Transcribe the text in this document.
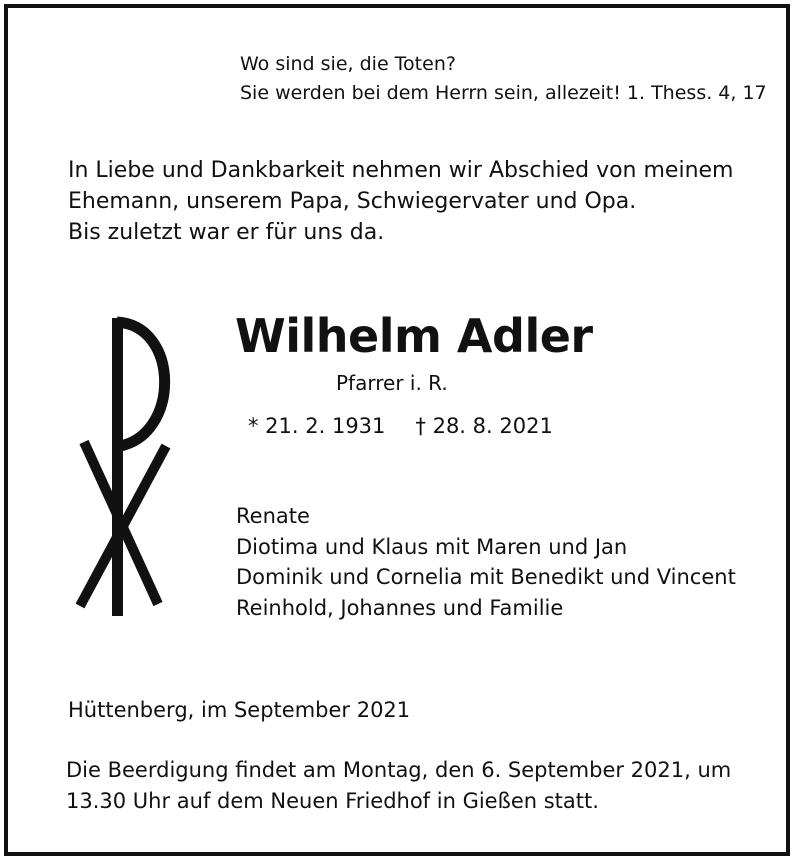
Wo sind sie, die Toten?
Sie werden bei dem Herrn sein, allezeit! 1. Thess. 4, 17
In Liebe und Dankbarkeit nehmen wir Abschied von meinem
Ehemann, unserem Papa, Schwiegervater und Opa.
Bis zuletzt war er für uns da.
Wilhelm Adler
Pfarrer i. R.
* 21. 2. 1931 † 28. 8. 2021
Renate
Diotima und Klaus mit Maren und Jan
Dominik und Cornelia mit Benedikt und Vincent
Reinhold, Johannes und Familie
Hüttenberg, im September 2021
Die Beerdigung findet am Montag, den 6. September 2021, um
13.30 Uhr auf dem Neuen Friedhof in Gießen statt.
